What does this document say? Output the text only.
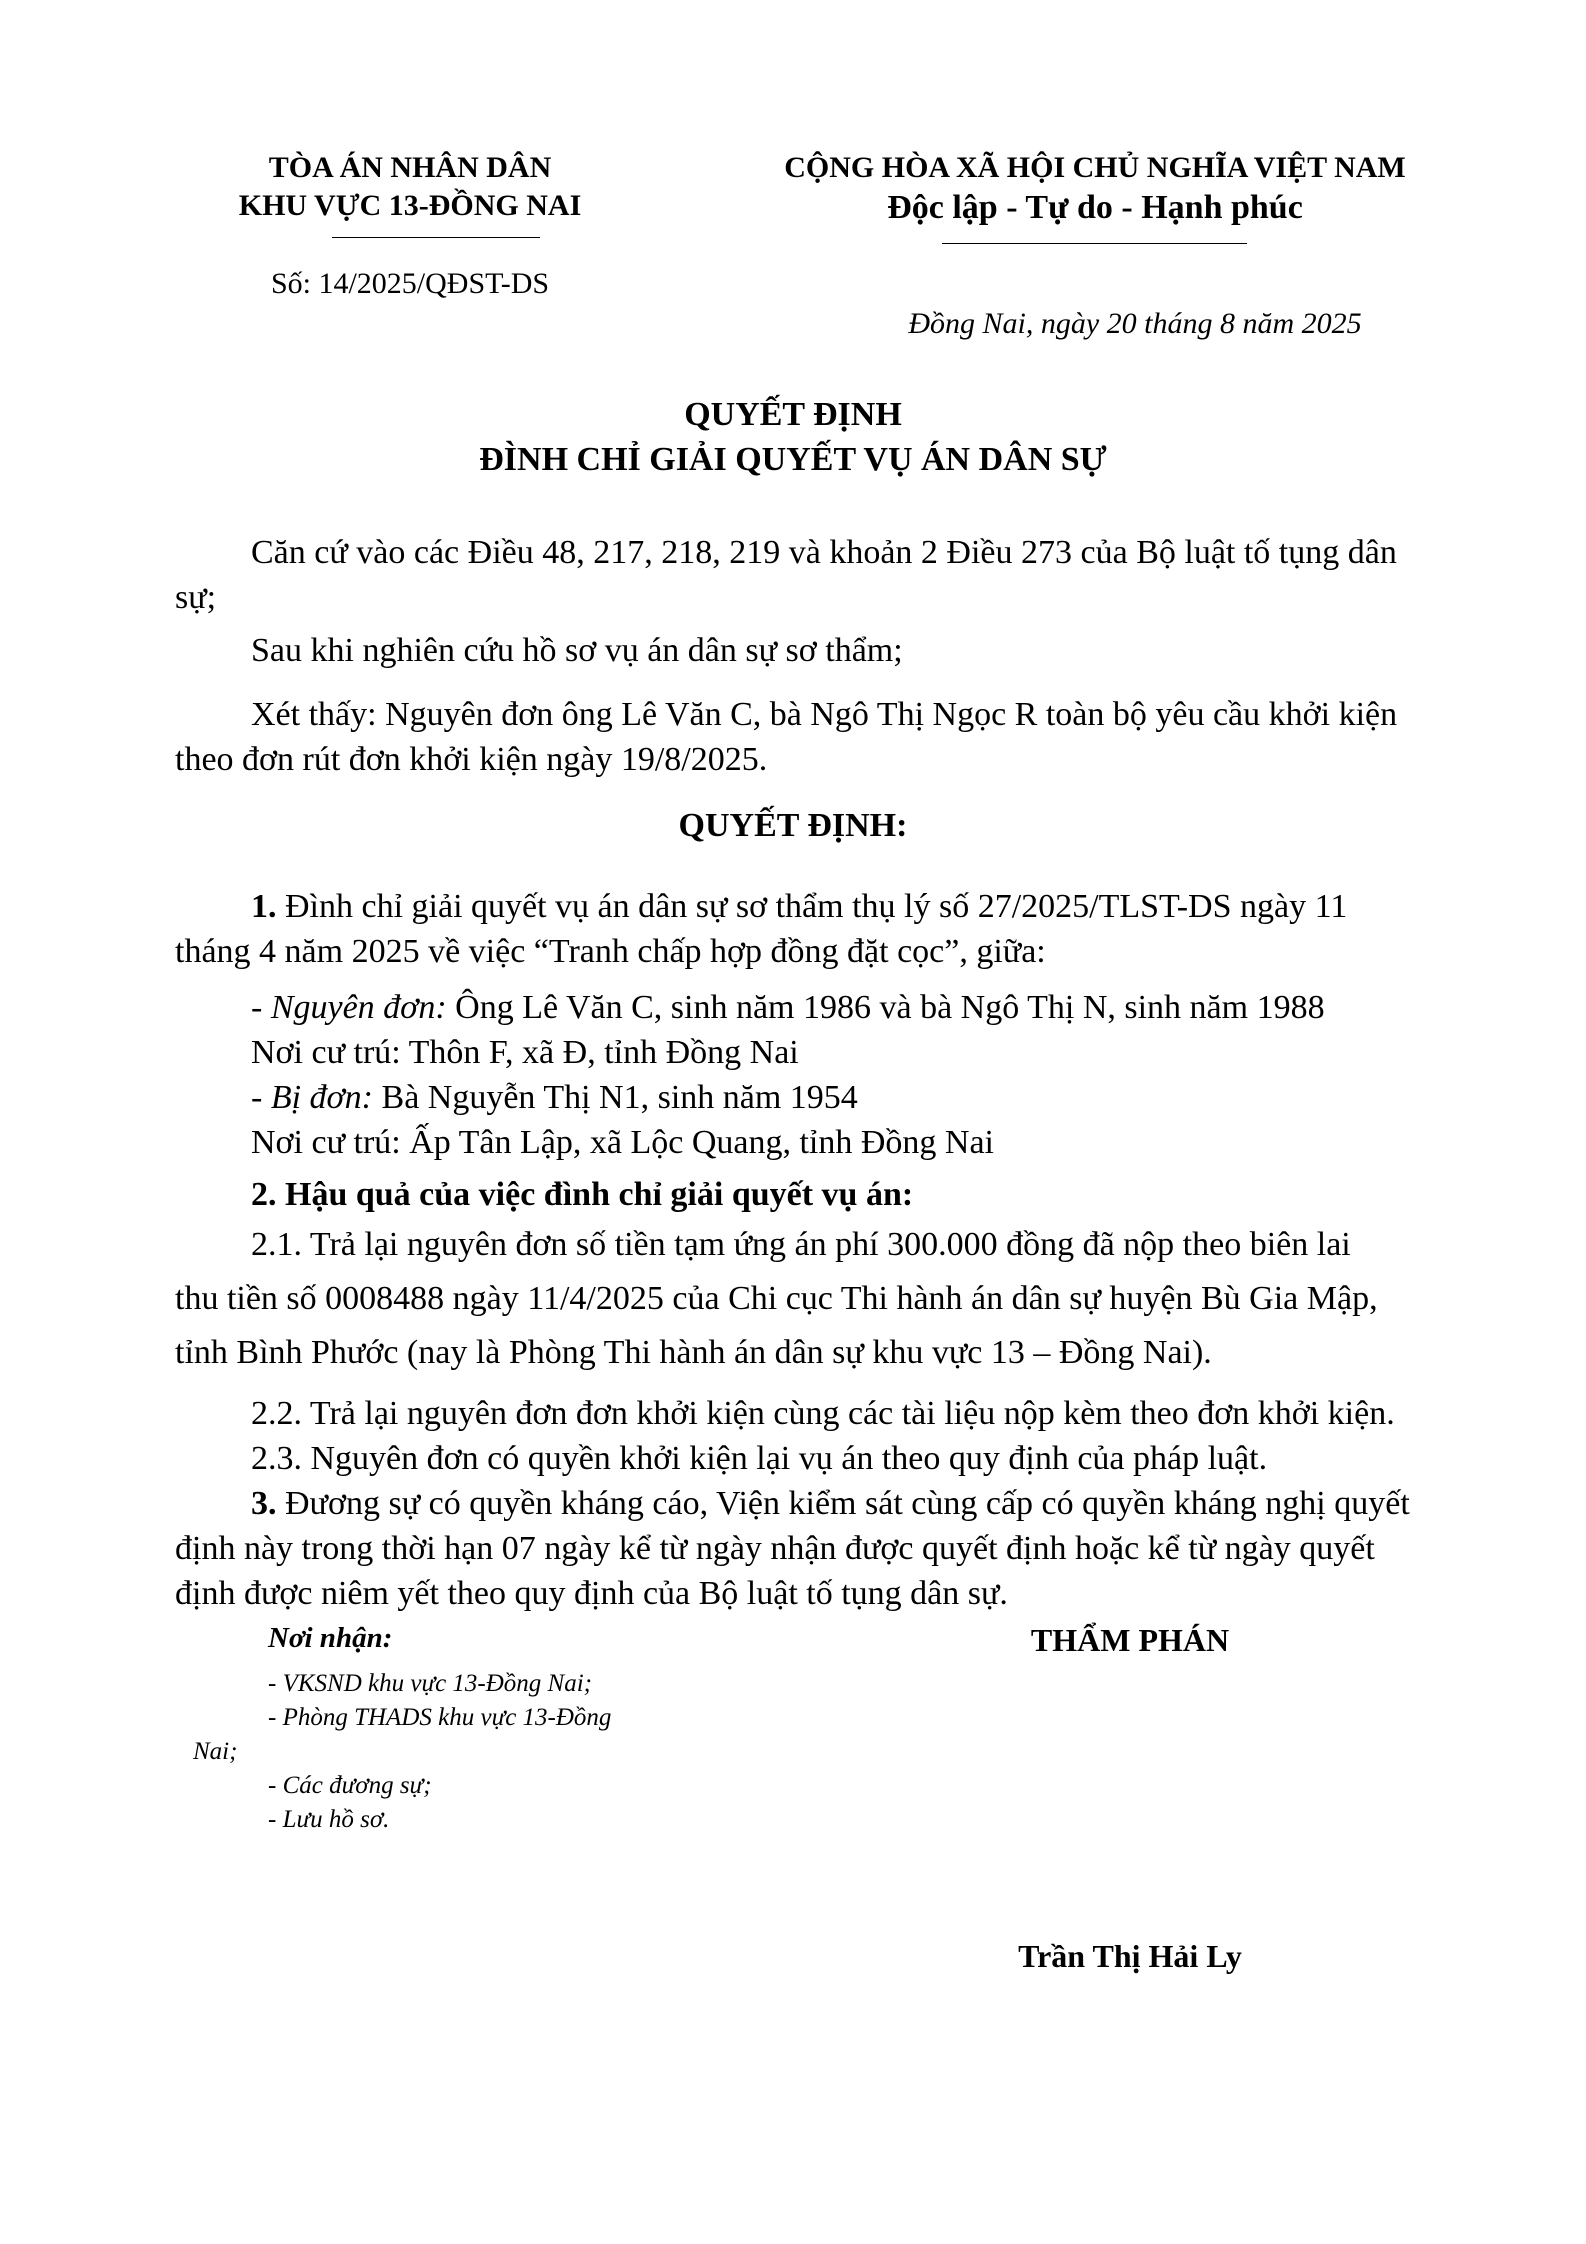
TÒA ÁN NHÂN DÂN
KHU VỰC 13-ĐỒNG NAI
Số: 14/2025/QĐST-DS
CỘNG HÒA XÃ HỘI CHỦ NGHĨA VIỆT NAM
Độc lập - Tự do - Hạnh phúc
Đồng Nai, ngày 20 tháng 8 năm 2025
QUYẾT ĐỊNH
ĐÌNH CHỈ GIẢI QUYẾT VỤ ÁN DÂN SỰ
Căn cứ vào các Điều 48, 217, 218, 219 và khoản 2 Điều 273 của Bộ luật tố tụng dân
sự;
Sau khi nghiên cứu hồ sơ vụ án dân sự sơ thẩm;
Xét thấy: Nguyên đơn ông Lê Văn C, bà Ngô Thị Ngọc R toàn bộ yêu cầu khởi kiện
theo đơn rút đơn khởi kiện ngày 19/8/2025.
QUYẾT ĐỊNH:
1. Đình chỉ giải quyết vụ án dân sự sơ thẩm thụ lý số 27/2025/TLST-DS ngày 11
tháng 4 năm 2025 về việc “Tranh chấp hợp đồng đặt cọc”, giữa:
- Nguyên đơn: Ông Lê Văn C, sinh năm 1986 và bà Ngô Thị N, sinh năm 1988
Nơi cư trú: Thôn F, xã Đ, tỉnh Đồng Nai
- Bị đơn: Bà Nguyễn Thị N1, sinh năm 1954
Nơi cư trú: Ấp Tân Lập, xã Lộc Quang, tỉnh Đồng Nai
2. Hậu quả của việc đình chỉ giải quyết vụ án:
2.1. Trả lại nguyên đơn số tiền tạm ứng án phí 300.000 đồng đã nộp theo biên lai
thu tiền số 0008488 ngày 11/4/2025 của Chi cục Thi hành án dân sự huyện Bù Gia Mập,
tỉnh Bình Phước (nay là Phòng Thi hành án dân sự khu vực 13 – Đồng Nai).
2.2. Trả lại nguyên đơn đơn khởi kiện cùng các tài liệu nộp kèm theo đơn khởi kiện.
2.3. Nguyên đơn có quyền khởi kiện lại vụ án theo quy định của pháp luật.
3. Đương sự có quyền kháng cáo, Viện kiểm sát cùng cấp có quyền kháng nghị quyết
định này trong thời hạn 07 ngày kể từ ngày nhận được quyết định hoặc kể từ ngày quyết
định được niêm yết theo quy định của Bộ luật tố tụng dân sự.
Nơi nhận:
- VKSND khu vực 13-Đồng Nai;
- Phòng THADS khu vực 13-Đồng
Nai;
- Các đương sự;
- Lưu hồ sơ.
THẨM PHÁN
Trần Thị Hải Ly
